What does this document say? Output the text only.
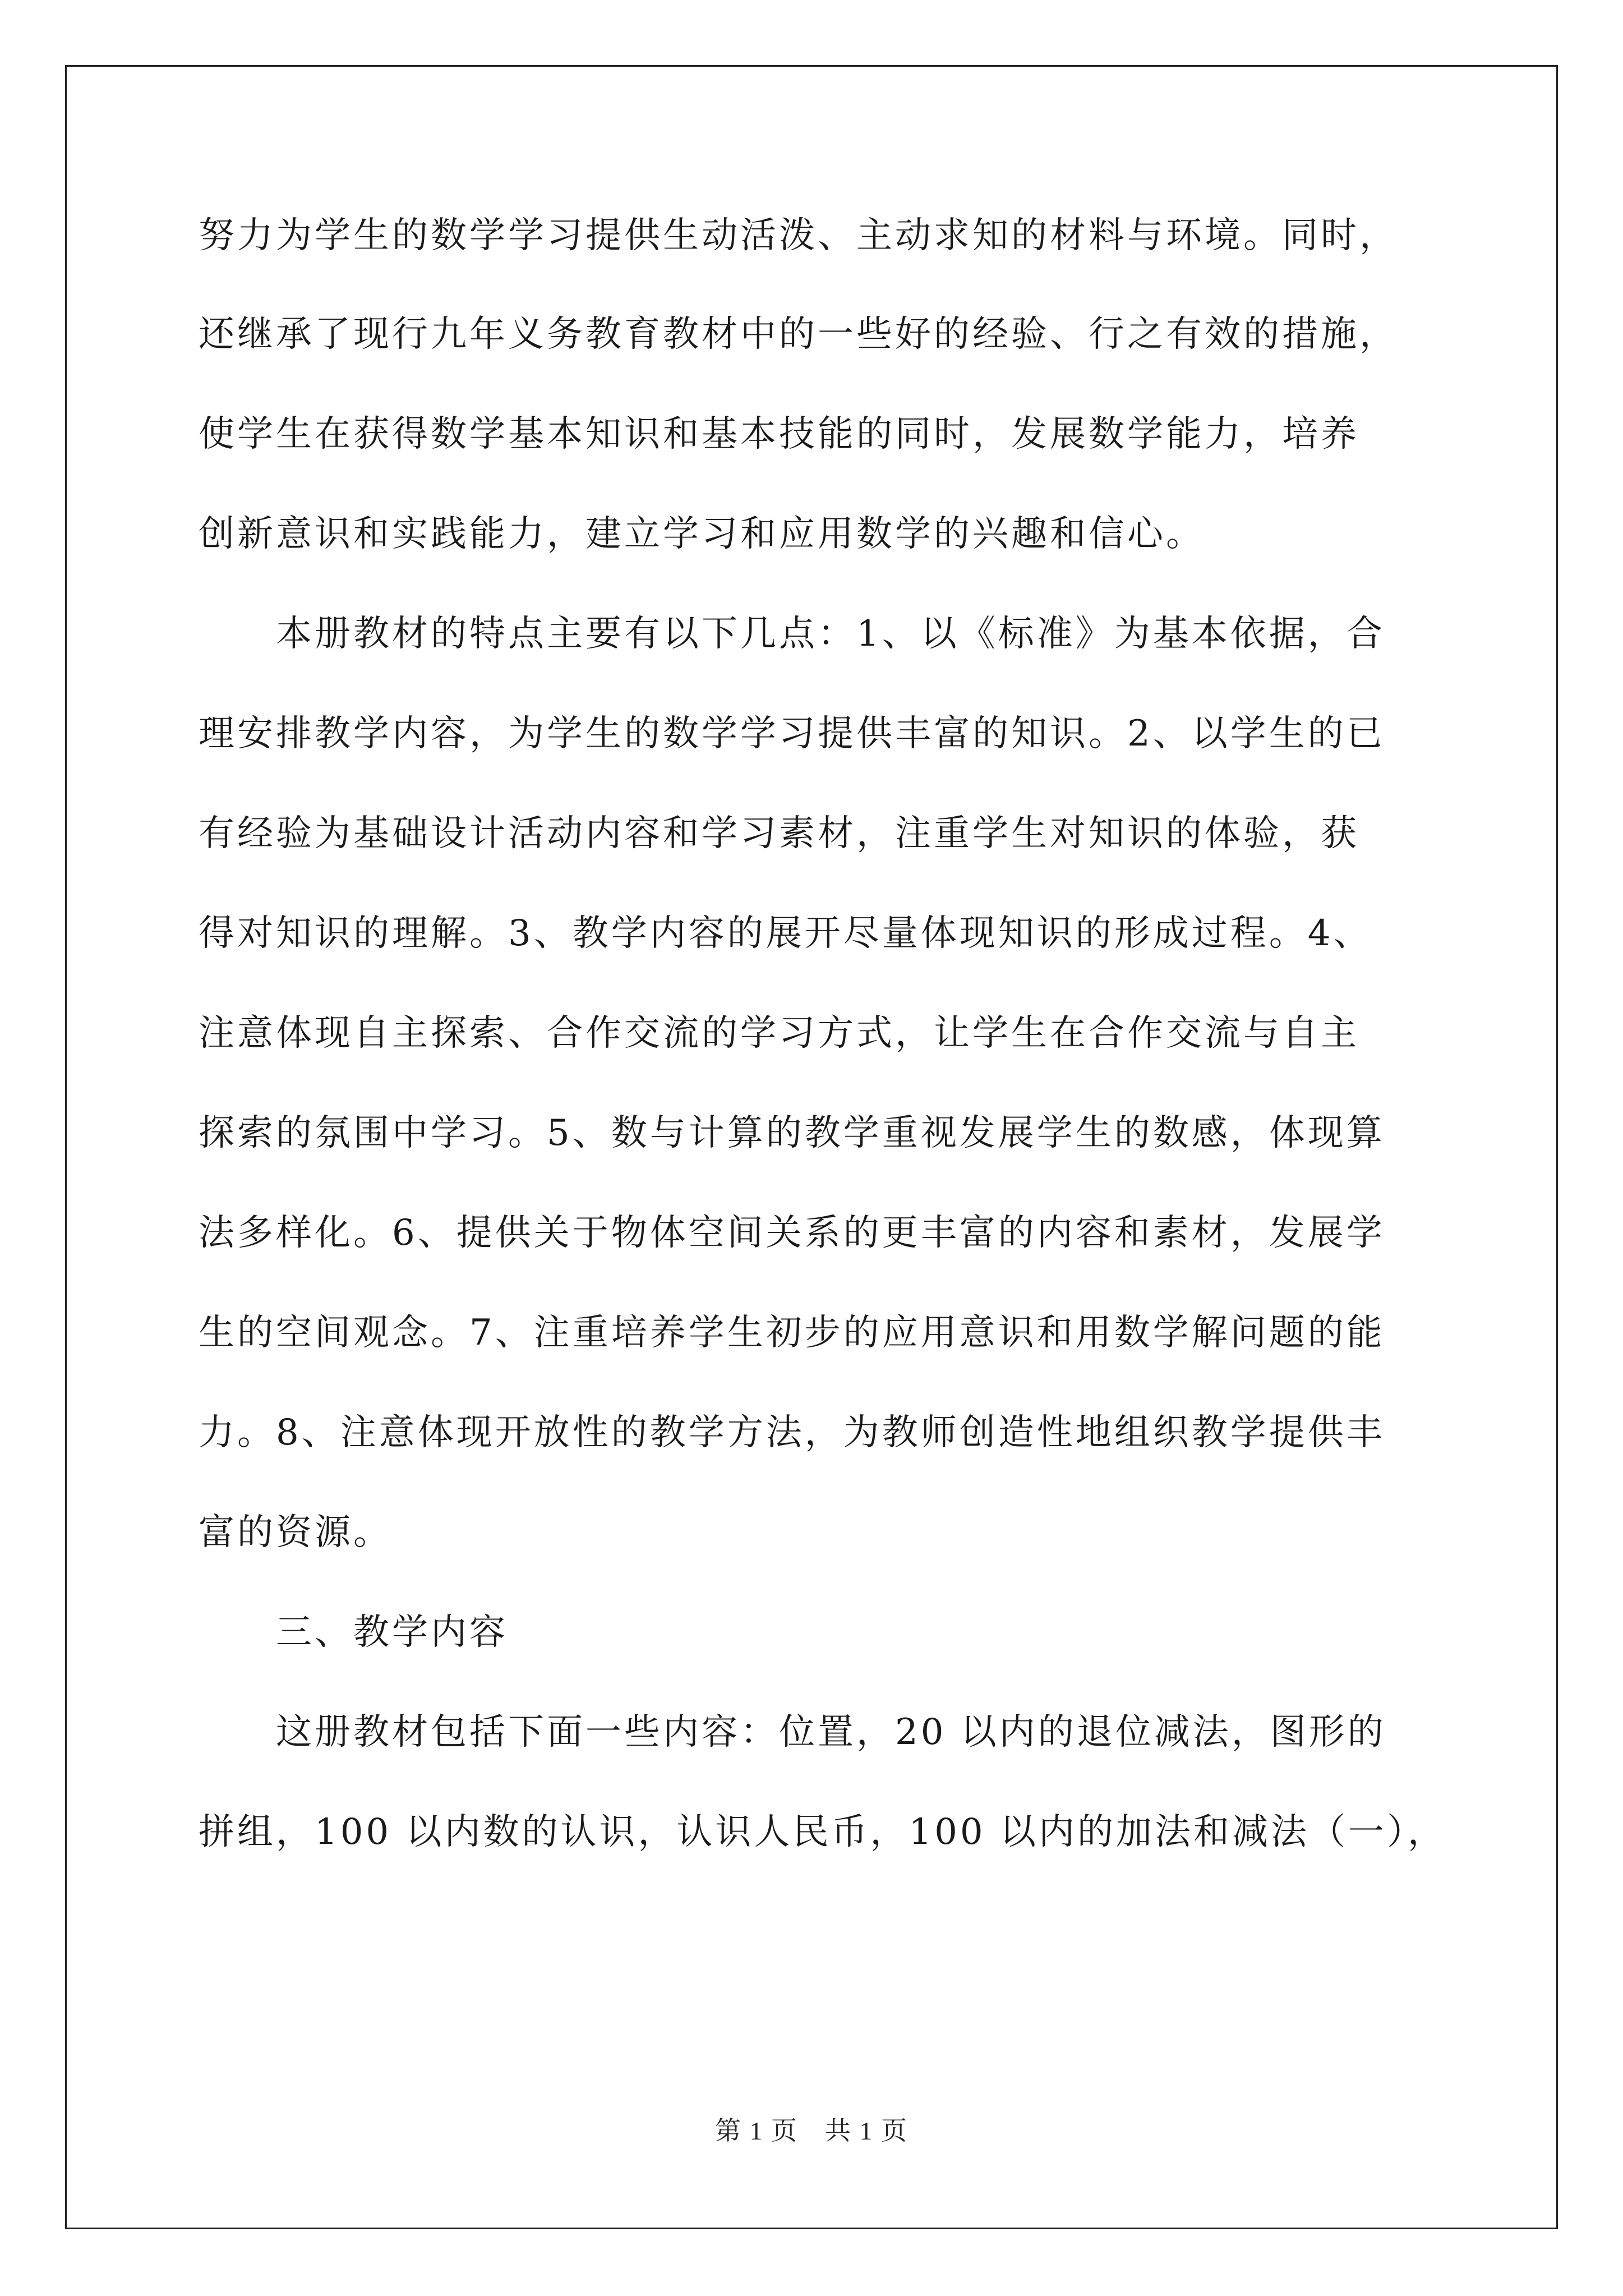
努力为学生的数学学习提供生动活泼、主动求知的材料与环境。同时，
还继承了现行九年义务教育教材中的一些好的经验、行之有效的措施，
使学生在获得数学基本知识和基本技能的同时，发展数学能力，培养
创新意识和实践能力，建立学习和应用数学的兴趣和信心。
　　本册教材的特点主要有以下几点：1、以《标准》为基本依据，合
理安排教学内容，为学生的数学学习提供丰富的知识。2、以学生的已
有经验为基础设计活动内容和学习素材，注重学生对知识的体验，获
得对知识的理解。3、教学内容的展开尽量体现知识的形成过程。4、
注意体现自主探索、合作交流的学习方式，让学生在合作交流与自主
探索的氛围中学习。5、数与计算的教学重视发展学生的数感，体现算
法多样化。6、提供关于物体空间关系的更丰富的内容和素材，发展学
生的空间观念。7、注重培养学生初步的应用意识和用数学解问题的能
力。8、注意体现开放性的教学方法，为教师创造性地组织教学提供丰
富的资源。
　　三、教学内容
　　这册教材包括下面一些内容：位置，20 以内的退位减法，图形的
拼组，100 以内数的认识，认识人民币，100 以内的加法和减法（一），
第 1 页　共 1 页
